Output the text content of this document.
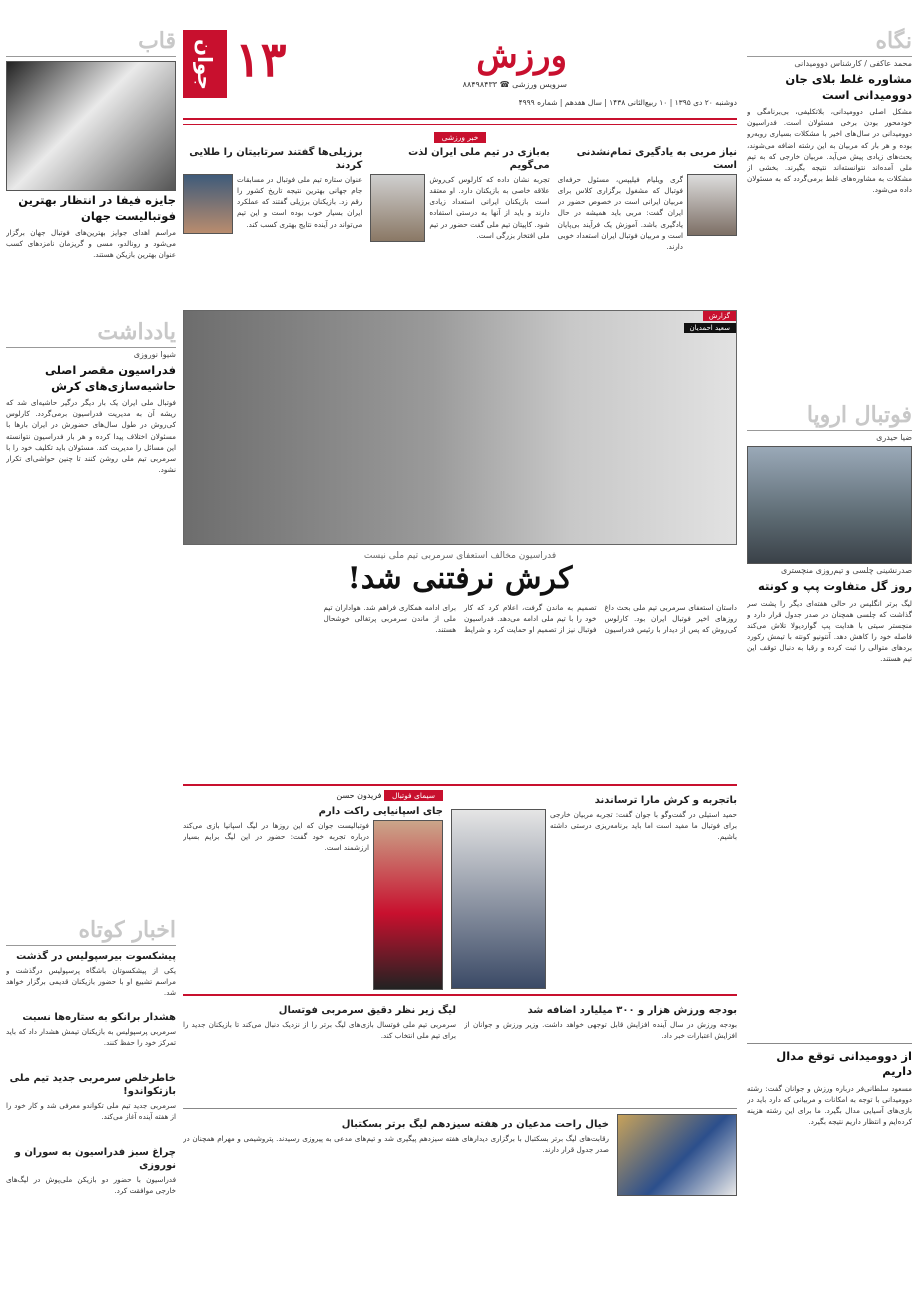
نگاه
محمد عاکفی / کارشناس دوومیدانی
مشاوره غلط بلای جان دوومیدانی است
مشکل اصلی دوومیدانی، بلاتکلیفی، بی‌برنامگی و خودمحور بودن برخی مسئولان است. فدراسیون دوومیدانی در سال‌های اخیر با مشکلات بسیاری روبه‌رو بوده و هر بار که مربیان به این رشته اضافه می‌شوند، بحث‌های زیادی پیش می‌آید. مربیان خارجی که به تیم ملی آمده‌اند نتوانسته‌اند نتیجه بگیرند. بخشی از مشکلات به مشاوره‌های غلط برمی‌گردد که به مسئولان داده می‌شود.
فوتبال اروپا
ضیا حیدری
صدرنشینی چلسی و تیم‌روزی منچستری
روز گل متفاوت پپ و کونته
لیگ برتر انگلیس در حالی هفته‌ای دیگر را پشت سر گذاشت که چلسی همچنان در صدر جدول قرار دارد و منچستر سیتی با هدایت پپ گواردیولا تلاش می‌کند فاصله خود را کاهش دهد. آنتونیو کونته با تیمش رکورد بردهای متوالی را ثبت کرده و رقبا به دنبال توقف این تیم هستند.
از دوومیدانی توقع مدال داریم
مسعود سلطانی‌فر درباره ورزش و جوانان گفت: رشته دوومیدانی با توجه به امکانات و مربیانی که دارد باید در بازی‌های آسیایی مدال بگیرد. ما برای این رشته هزینه کرده‌ایم و انتظار داریم نتیجه بگیرد.
۱۳
جوان	ورزش
سرویس ورزشی ☎ ۸۸۴۹۸۴۳۳
دوشنبه ۲۰ دی ۱۳۹۵ | ۱۰ ربیع‌الثانی ۱۴۳۸ | سال هفدهم | شماره ۴۹۹۹
خبر ورزشی
نیاز مربی به یادگیری تمام‌نشدنی است
گری ویلیام فیلیپس، مسئول حرفه‌ای فوتبال که مشغول برگزاری کلاس برای مربیان ایرانی است در خصوص حضور در ایران گفت: مربی باید همیشه در حال یادگیری باشد. آموزش یک فرآیند بی‌پایان است و مربیان فوتبال ایران استعداد خوبی دارند.
به‌بازی در تیم ملی ایران لذت می‌گویم
تجربه نشان داده که کارلوس کی‌روش علاقه خاصی به بازیکنان دارد. او معتقد است بازیکنان ایرانی استعداد زیادی دارند و باید از آنها به درستی استفاده شود. کاپیتان تیم ملی گفت حضور در تیم ملی افتخار بزرگی است.
برزیلی‌ها گفتند سرتابیتان را طلایی کردند
عنوان ستاره تیم ملی فوتبال در مسابقات جام جهانی بهترین نتیجه تاریخ کشور را رقم زد. بازیکنان برزیلی گفتند که عملکرد ایران بسیار خوب بوده است و این تیم می‌تواند در آینده نتایج بهتری کسب کند.
گزارش
سعید احمدیان
فدراسیون مخالف استعفای سرمربی تیم ملی نیست
کرش نرفتنی شد!
داستان استعفای سرمربی تیم ملی بحث داغ روزهای اخیر فوتبال ایران بود. کارلوس کی‌روش که پس از دیدار با رئیس فدراسیون تصمیم به ماندن گرفت، اعلام کرد که کار خود را با تیم ملی ادامه می‌دهد. فدراسیون فوتبال نیز از تصمیم او حمایت کرد و شرایط برای ادامه همکاری فراهم شد. هواداران تیم ملی از ماندن سرمربی پرتغالی خوشحال هستند.
باتجربه و کرش مارا ترساندند
حمید استیلی در گفت‌وگو با جوان گفت: تجربه مربیان خارجی برای فوتبال ما مفید است اما باید برنامه‌ریزی درستی داشته باشیم.
سیمای فوتبال فریدون حسن
جای اسپانیایی راکت دارم
فوتبالیست جوان که این روزها در لیگ اسپانیا بازی می‌کند درباره تجربه خود گفت: حضور در این لیگ برایم بسیار ارزشمند است.
بودجه ورزش هزار و ۳۰۰ میلیارد اضافه شد
بودجه ورزش در سال آینده افزایش قابل توجهی خواهد داشت. وزیر ورزش و جوانان از افزایش اعتبارات خبر داد.
لیگ زیر نظر دقیق سرمربی فوتسال
سرمربی تیم ملی فوتسال بازی‌های لیگ برتر را از نزدیک دنبال می‌کند تا بازیکنان جدید را برای تیم ملی انتخاب کند.
خیال راحت مدعیان در هفته سیزدهم لیگ برتر بسکتبال
رقابت‌های لیگ برتر بسکتبال با برگزاری دیدارهای هفته سیزدهم پیگیری شد و تیم‌های مدعی به پیروزی رسیدند. پتروشیمی و مهرام همچنان در صدر جدول قرار دارند.
قاب
جایزه فیفا در انتظار بهترین فوتبالیست جهان
مراسم اهدای جوایز بهترین‌های فوتبال جهان برگزار می‌شود و رونالدو، مسی و گریزمان نامزدهای کسب عنوان بهترین بازیکن هستند.
یادداشت
شیوا نوروزی
فدراسیون مقصر اصلی حاشیه‌سازی‌های کرش
فوتبال ملی ایران یک بار دیگر درگیر حاشیه‌ای شد که ریشه آن به مدیریت فدراسیون برمی‌گردد. کارلوس کی‌روش در طول سال‌های حضورش در ایران بارها با مسئولان اختلاف پیدا کرده و هر بار فدراسیون نتوانسته این مسائل را مدیریت کند. مسئولان باید تکلیف خود را با سرمربی تیم ملی روشن کنند تا چنین حواشی‌ای تکرار نشود.
اخبار کوتاه
پیشکسوت بیرسپولیس در گذشت
یکی از پیشکسوتان باشگاه پرسپولیس درگذشت و مراسم تشییع او با حضور بازیکنان قدیمی برگزار خواهد شد.
هشدار برانکو به ستاره‌ها نسبت
سرمربی پرسپولیس به بازیکنان تیمش هشدار داد که باید تمرکز خود را حفظ کنند.
خاطرخلص سرمربی جدید تیم ملی بازتکواندو!
سرمربی جدید تیم ملی تکواندو معرفی شد و کار خود را از هفته آینده آغاز می‌کند.
چراغ سبز فدراسیون به سوران و نوروزی
فدراسیون با حضور دو بازیکن ملی‌پوش در لیگ‌های خارجی موافقت کرد.
